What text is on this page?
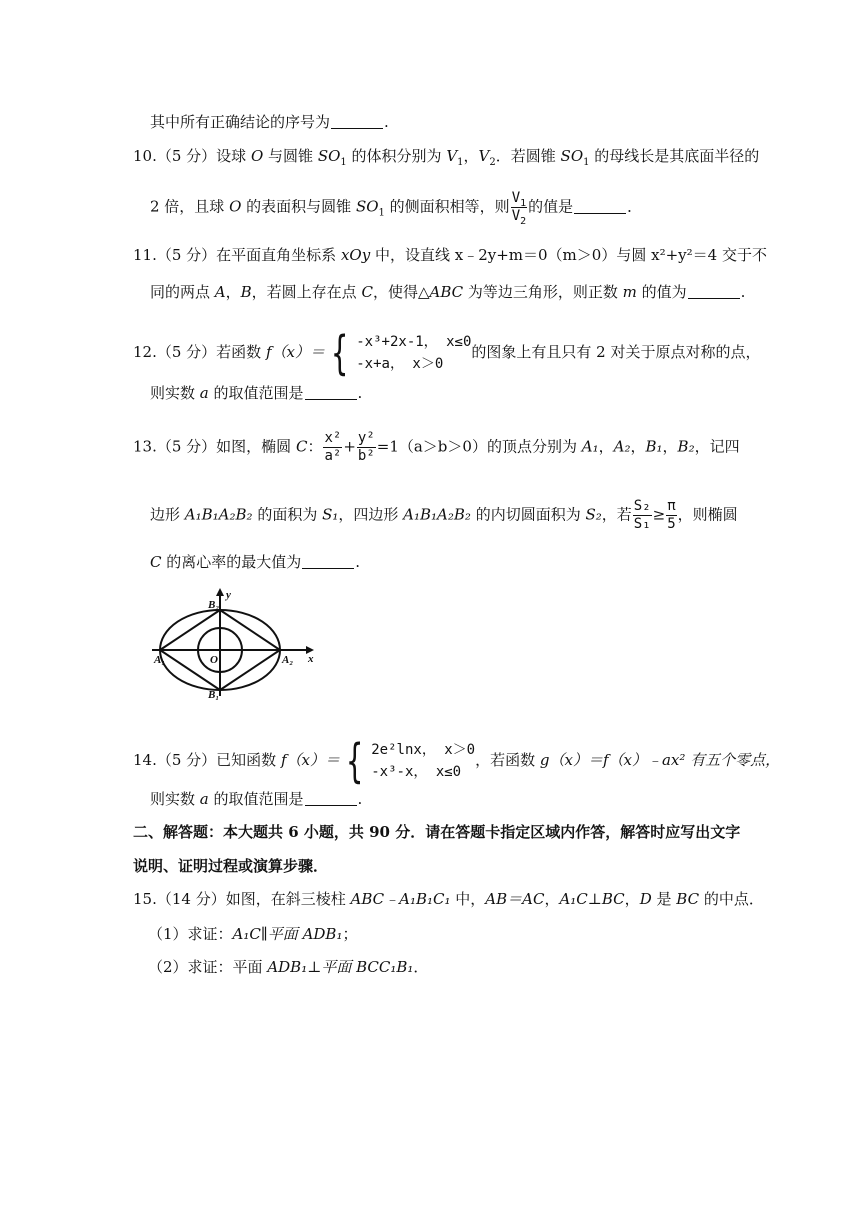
其中所有正确结论的序号为	.
10.（5 分）设球 O 与圆锥 $SO_1$ 的体积分别为 $V_1$，$V_2$．若圆锥 $SO_1$ 的母线长是其底面半径的
2 倍，且球 O 的表面积与圆锥 $SO_1$ 的侧面积相等，则 $\frac{V_1}{V_2}$ 的值是	．
11.（5 分）在平面直角坐标系 xOy 中，设直线 x﹣2y+m＝0（m＞0）与圆 x²+y²＝4 交于不
同的两点 A，B，若圆上存在点 C，使得△ABC 为等边三角形，则正数 m 的值为	.
12.（5 分）若函数 f（x）＝ { -x³+2x-1， x≤0
-x+a， x＞0
的图象上有且只有 2 对关于原点对称的点，
则实数 a 的取值范围是	.
13.（5 分）如图，椭圆 C： $\frac{\text{x²}}{\text{a²}} + \frac{\text{y²}}{\text{b²}} =1(a>b>0)$的顶点分别为 A₁，A₂，B₁，B₂，记四
边形 A₁B₁A₂B₂ 的面积为 S₁，四边形 A₁B₁A₂B₂ 的内切圆面积为 S₂，若 $\frac{\text{S₂}}{\text{S₁}} \ge \frac{\pi}{5}$ ，则椭圆
C 的离心率的最大值为	.
B₂
y
A₁	O	A₂ x
B₁
14.（5 分）已知函数 f（x）＝ { 2e²lnx， x＞0
-x³-x， x≤0
，若函数 g（x）＝f（x）﹣ax² 有五个零点，
则实数 a 的取值范围是	.
二、解答题：本大题共 6 小题，共 90 分．请在答题卡指定区域内作答，解答时应写出文字
说明、证明过程或演算步骤．
15.（14 分）如图，在斜三棱柱 ABC﹣A₁B₁C₁ 中，AB＝AC，A₁C⊥BC，D 是 BC 的中点．
（1）求证：A₁C∥平面 ADB₁；
（2）求证：平面 ADB₁⊥平面 BCC₁B₁．
